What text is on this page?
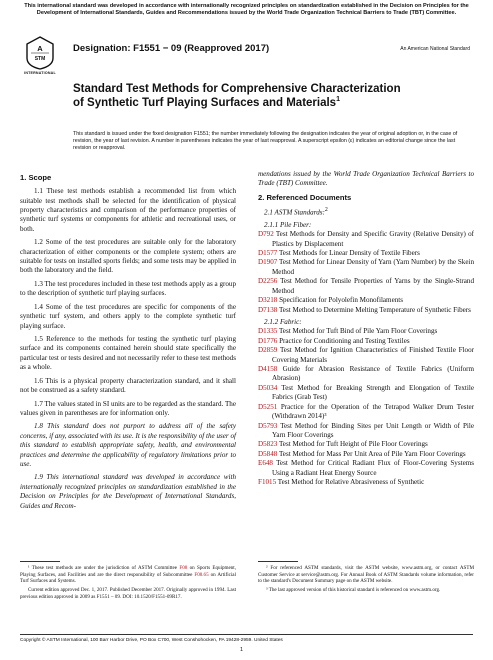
This international standard was developed in accordance with internationally recognized principles on standardization established in the Decision on Principles for the Development of International Standards, Guides and Recommendations issued by the World Trade Organization Technical Barriers to Trade (TBT) Committee.
A
STM
INTERNATIONAL
Designation: F1551 − 09 (Reapproved 2017)	An American National Standard
Standard Test Methods for Comprehensive Characterization of Synthetic Turf Playing Surfaces and Materials$^1$
This standard is issued under the fixed designation F1551; the number immediately following the designation indicates the year of original adoption or, in the case of revision, the year of last revision. A number in parentheses indicates the year of last reapproval. A superscript epsilon (ε) indicates an editorial change since the last revision or reapproval.
1. Scope

1.1 These test methods establish a recommended list from which suitable test methods shall be selected for the identification of physical property characteristics and comparison of the performance properties of synthetic turf systems or components for athletic and recreational uses, or both.

1.2 Some of the test procedures are suitable only for the laboratory characterization of either components or the complete system; others are suitable for tests on installed sports fields; and some tests may be applied in both the laboratory and the field.

1.3 The test procedures included in these test methods apply as a group to the description of synthetic turf playing surfaces.

1.4 Some of the test procedures are specific for components of the synthetic turf system, and others apply to the complete synthetic turf playing surface.

1.5 Reference to the methods for testing the synthetic turf playing surface and its components contained herein should state specifically the particular test or tests desired and not necessarily refer to these test methods as a whole.

1.6 This is a physical property characterization standard, and it shall not be construed as a safety standard.

1.7 The values stated in SI units are to be regarded as the standard. The values given in parentheses are for information only.

1.8 This standard does not purport to address all of the safety concerns, if any, associated with its use. It is the responsibility of the user of this standard to establish appropriate safety, health, and environmental practices and determine the applicability of regulatory limitations prior to use.

1.9 This international standard was developed in accordance with internationally recognized principles on standardization established in the Decision on Principles for the Development of International Standards, Guides and Recom-

mendations issued by the World Trade Organization Technical Barriers to Trade (TBT) Committee.
2. Referenced Documents
2.1 ASTM Standards:$^2$
2.1.1 Pile Fiber:
D792 Test Methods for Density and Specific Gravity (Relative Density) of Plastics by Displacement
D1577 Test Methods for Linear Density of Textile Fibers
D1907 Test Method for Linear Density of Yarn (Yarn Number) by the Skein Method
D2256 Test Method for Tensile Properties of Yarns by the Single-Strand Method
D3218 Specification for Polyolefin Monofilaments
D7138 Test Method to Determine Melting Temperature of Synthetic Fibers
2.1.2 Fabric:
D1335 Test Method for Tuft Bind of Pile Yarn Floor Coverings
D1776 Practice for Conditioning and Testing Textiles
D2859 Test Method for Ignition Characteristics of Finished Textile Floor Covering Materials
D4158 Guide for Abrasion Resistance of Textile Fabrics (Uniform Abrasion)
D5034 Test Method for Breaking Strength and Elongation of Textile Fabrics (Grab Test)
D5251 Practice for the Operation of the Tetrapod Walker Drum Tester (Withdrawn 2014)³
D5793 Test Method for Binding Sites per Unit Length or Width of Pile Yarn Floor Coverings
D5823 Test Method for Tuft Height of Pile Floor Coverings
D5848 Test Method for Mass Per Unit Area of Pile Yarn Floor Coverings
E648 Test Method for Critical Radiant Flux of Floor-Covering Systems Using a Radiant Heat Energy Source
F1015 Test Method for Relative Abrasiveness of Synthetic

¹ These test methods are under the jurisdiction of ASTM Committee F08 on Sports Equipment, Playing Surfaces, and Facilities and are the direct responsibility of Subcommittee F08.65 on Artificial Turf Surfaces and Systems.

Current edition approved Dec. 1, 2017. Published December 2017. Originally approved in 1994. Last previous edition approved in 2009 as F1551 – 09. DOI: 10.1520/F1551-09R17.

² For referenced ASTM standards, visit the ASTM website, www.astm.org, or contact ASTM Customer Service at service@astm.org. For Annual Book of ASTM Standards volume information, refer to the standard's Document Summary page on the ASTM website.

³ The last approved version of this historical standard is referenced on www.astm.org.

Copyright © ASTM International, 100 Barr Harbor Drive, PO Box C700, West Conshohocken, PA 19428-2959. United States
1
